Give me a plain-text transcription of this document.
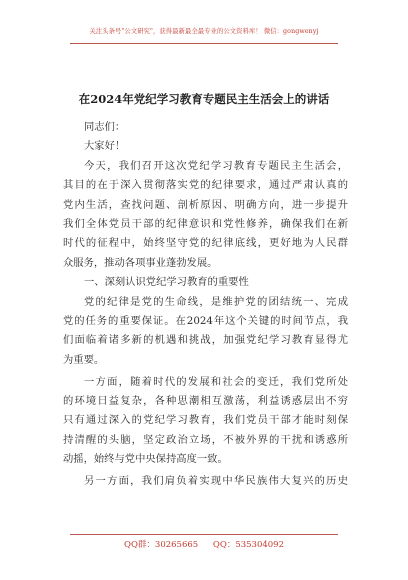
关注头条号"公文研究"，获得最新最全最专业的公文资料库！ 微信：gongwenyj
在2024年党纪学习教育专题民主生活会上的讲话
同志们：
大家好！
今天，我们召开这次党纪学习教育专题民主生活会，
其目的在于深入贯彻落实党的纪律要求，通过严肃认真的
党内生活，查找问题、剖析原因、明确方向，进一步提升
我们全体党员干部的纪律意识和党性修养，确保我们在新
时代的征程中，始终坚守党的纪律底线，更好地为人民群
众服务，推动各项事业蓬勃发展。
一、深刻认识党纪学习教育的重要性
党的纪律是党的生命线，是维护党的团结统一、完成
党的任务的重要保证。在2024年这个关键的时间节点，我
们面临着诸多新的机遇和挑战，加强党纪学习教育显得尤
为重要。
一方面，随着时代的发展和社会的变迁，我们党所处
的环境日益复杂，各种思潮相互激荡，利益诱惑层出不穷
只有通过深入的党纪学习教育，我们党员干部才能时刻保
持清醒的头脑，坚定政治立场，不被外界的干扰和诱惑所
动摇，始终与党中央保持高度一致。
另一方面，我们肩负着实现中华民族伟大复兴的历史
QQ群：30265665 QQ：535304092
